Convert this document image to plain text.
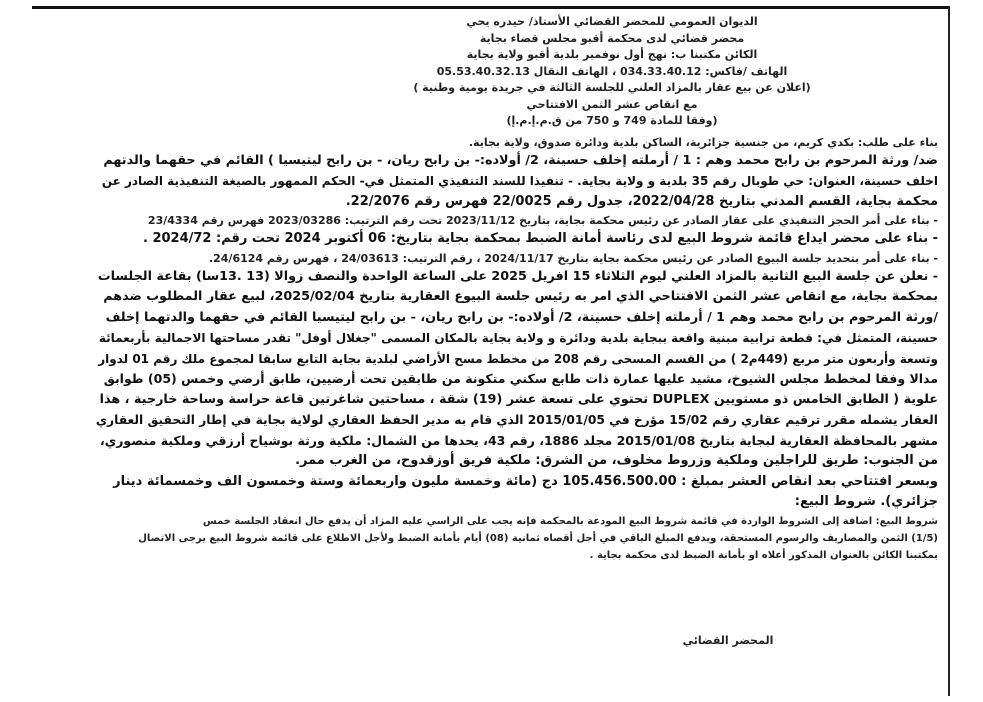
الديوان العمومي للمحضر القضائي الأستاذ/ حيدره يحي
محضر قضائي لدى محكمة أقبو مجلس قضاء بجاية
الكائن مكتبنا ب: نهج أول نوفمبر بلدية أقبو ولاية بجاية
الهاتف /فاكس: 034.33.40.12 ، الهاتف النقال 05.53.40.32.13
(اعلان عن بيع عقار بالمزاد العلني للجلسة الثالثة في جريدة يومية وطنية )
مع انقاص عشر الثمن الافتتاحي
(وفقا للمادة 749 و 750 من ق.م.إ.م.إ)

بناء على طلب: بكدي كريم، من جنسية جزائرية، الساكن بلدية ودائرة صدوق، ولاية بجاية.

ضد/ ورثة المرحوم بن رابح محمد وهم : 1 / أرملته إخلف حسينة، 2/ أولاده:- بن رابح ريان، - بن رابح ليتيسيا ) القائم في حقهما والدتهم

اخلف حسينة، العنوان: حي طوبال رقم 35 بلدية و ولاية بجاية. - تنفيذا للسند التنفيذي المتمثل في- الحكم الممهور بالصيغة التنفيذية الصادر عن

محكمة بجاية، القسم المدني بتاريخ 2022/04/28، جدول رقم 22/0025 فهرس رقم 22/2076.

- بناء على أمر الحجز التنفيذي على عقار الصادر عن رئيس محكمة بجاية، بتاريخ 2023/11/12 تحت رقم الترتيب: 2023/03286 فهرس رقم 23/4334

- بناء على محضر ايداع قائمة شروط البيع لدى رئاسة أمانة الضبط بمحكمة بجاية بتاريخ: 06 أكتوبر 2024 تحت رقم: 2024/72 .

- بناء على أمر بتحديد جلسة البيوع الصادر عن رئيس محكمة بجاية بتاريخ 2024/11/17 ، رقم الترتيب: 24/03613 ، فهرس رقم 24/6124.

- نعلن عن جلسة البيع الثانية بالمزاد العلني ليوم الثلاثاء 15 افريل 2025 على الساعة الواحدة والنصف زوالا (13 .13سا) بقاعة الجلسات

بمحكمة بجاية، مع انقاص عشر الثمن الافتتاحي الذي امر به رئيس جلسة البيوع العقارية بتاريخ 2025/02/04، لبيع عقار المطلوب ضدهم

/ورثة المرحوم بن رابح محمد وهم 1 / أرملته إخلف حسينة، 2/ أولاده:- بن رابح ريان، - بن رابح ليتيسيا القائم في حقهما والدتهما إخلف

حسينة، المتمثل في: قطعة ترابية مبنية واقعة ببجاية بلدية ودائرة و ولاية بجاية بالمكان المسمى "جغلال أوفل" تقدر مساحتها الاجمالية بأربعمائة

وتسعة وأربعون متر مربع (449م2 ) من القسم المسحى رقم 208 من مخطط مسح الأراضي لبلدية بجاية التابع سابقا لمجموع ملك رقم 01 لدوار

مدالا وفقا لمخطط مجلس الشيوخ، مشيد عليها عمارة ذات طابع سكني متكونة من طابقين تحت أرضيين، طابق أرضي وخمس (05) طوابق

علوية ( الطابق الخامس ذو مستويين DUPLEX تحتوي على تسعة عشر (19) شقة ، مساحتين شاغرتين قاعة حراسة وساحة خارجية ، هذا

العقار يشمله مقرر ترقيم عقاري رقم 15/02 مؤرخ في 2015/01/05 الذي قام به مدير الحفظ العقاري لولاية بجاية في إطار التحقيق العقاري

مشهر بالمحافظة العقارية لبجاية بتاريخ 2015/01/08 مجلد 1886، رقم 43، يحدها من الشمال: ملكية ورثة بوشياح أرزقي وملكية منصوري،

من الجنوب: طريق للراجلين وملكية وزروط مخلوف، من الشرق: ملكية فريق أوزقدوح، من الغرب ممر.

وبسعر افتتاحي بعد انقاص العشر بمبلغ : 105.456.500.00 دج (مائة وخمسة مليون واربعمائة وستة وخمسون الف وخمسمائة دينار

جزائري). شروط البيع:

شروط البيع: اضافة إلى الشروط الواردة في قائمة شروط البيع المودعة بالمحكمة فإنه يجب على الراسي عليه المزاد أن يدفع حال انعقاد الجلسة خمس

(1/5) الثمن والمصاريف والرسوم المستحقة، ويدفع المبلغ الباقي في أجل أقصاه ثمانية (08) أيام بأمانة الضبط ولأجل الاطلاع على قائمة شروط البيع يرجى الاتصال

بمكتبنا الكائن بالعنوان المذكور أعلاه او بأمانة الضبط لدى محكمة بجاية .

المحضر القضائي
